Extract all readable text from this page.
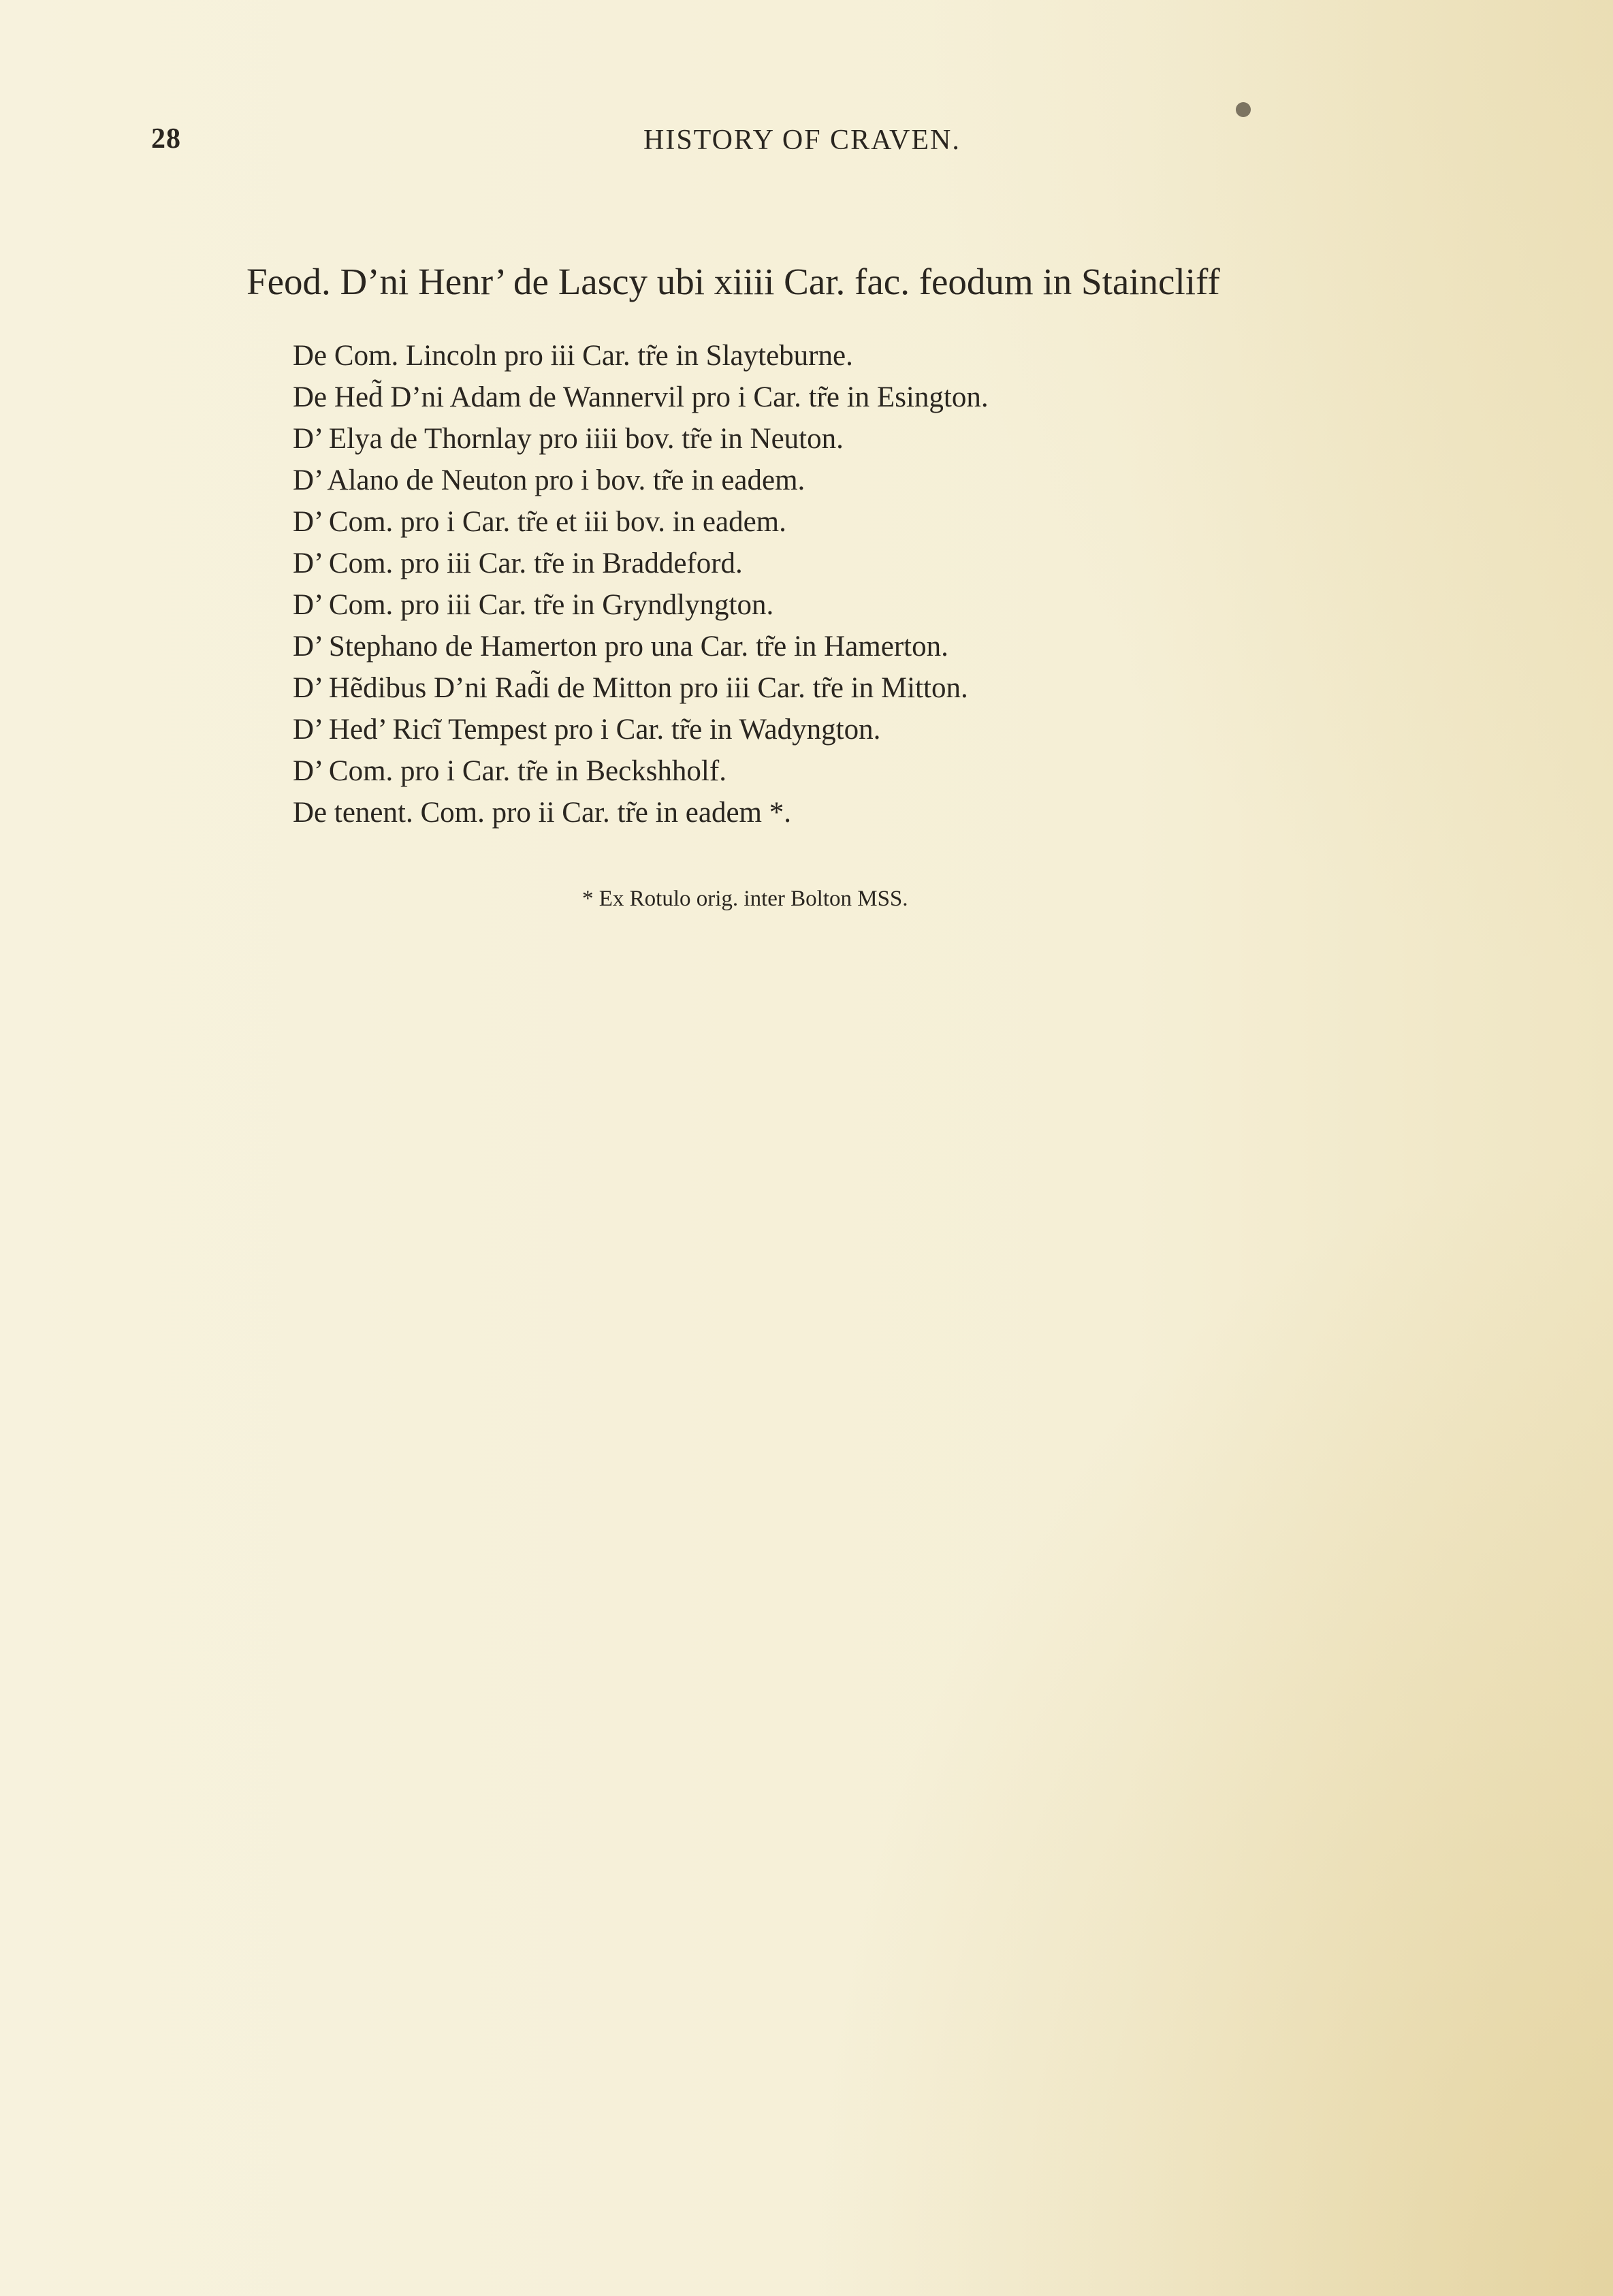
28	HISTORY OF CRAVEN.
Feod. D’ni Henr’ de Lascy ubi xiiii Car. fac. feodum in Staincliff
De Com. Lincoln pro iii Car. tr̃e in Slayteburne.
De Hed̃ D’ni Adam de Wannervil pro i Car. tr̃e in Esington.
D’ Elya de Thornlay pro iiii bov. tr̃e in Neuton.
D’ Alano de Neuton pro i bov. tr̃e in eadem.
D’ Com. pro i Car. tr̃e et iii bov. in eadem.
D’ Com. pro iii Car. tr̃e in Braddeford.
D’ Com. pro iii Car. tr̃e in Gryndlyngton.
D’ Stephano de Hamerton pro una Car. tr̃e in Hamerton.
D’ Hẽdibus D’ni Rad̃i de Mitton pro iii Car. tr̃e in Mitton.
D’ Hed’ Ricĩ Tempest pro i Car. tr̃e in Wadyngton.
D’ Com. pro i Car. tr̃e in Beckshholf.
De tenent. Com. pro ii Car. tr̃e in eadem *.
* Ex Rotulo orig. inter Bolton MSS.
